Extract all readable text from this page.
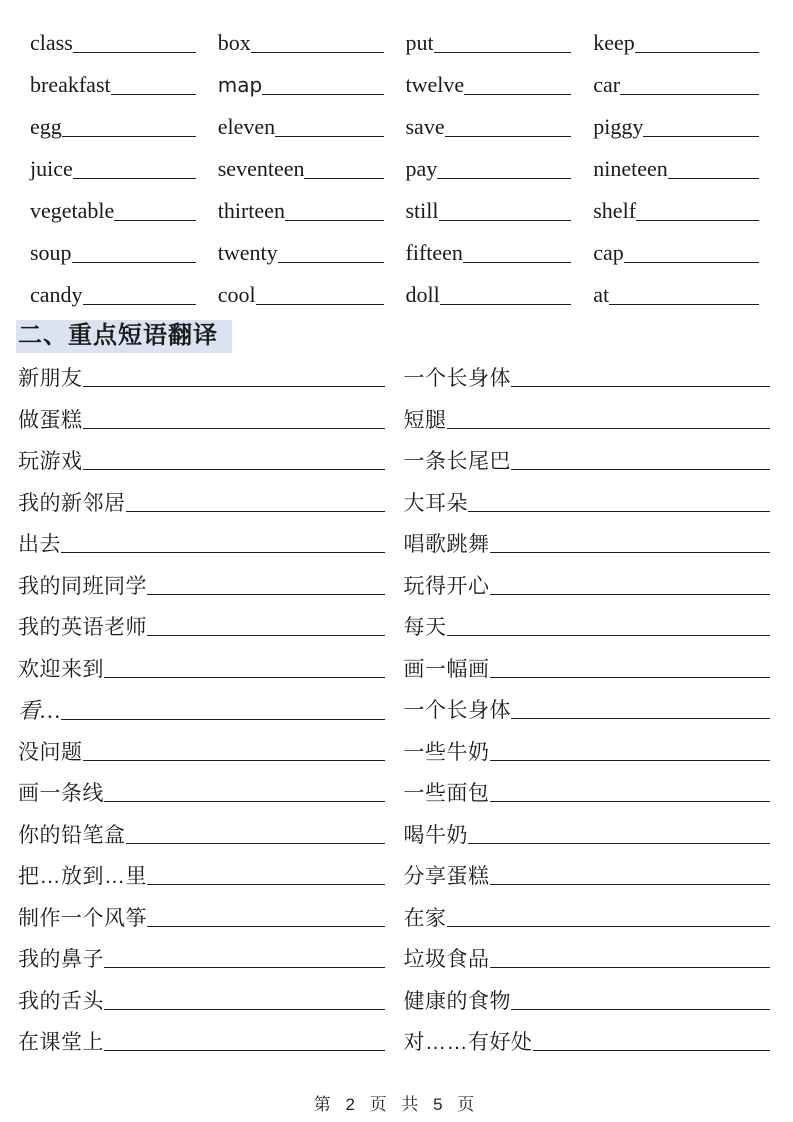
class	box	put	keep
breakfast	map	twelve	car
egg	eleven	save	piggy
juice	seventeen	pay	nineteen
vegetable	thirteen	still	shelf
soup	twenty	fifteen	cap
candy	cool	doll	at
二、重点短语翻译
新朋友	一个长身体
做蛋糕	短腿
玩游戏	一条长尾巴
我的新邻居	大耳朵
出去	唱歌跳舞
我的同班同学	玩得开心
我的英语老师	每天
欢迎来到	画一幅画
看…	一个长身体
没问题	一些牛奶
画一条线	一些面包
你的铅笔盒	喝牛奶
把…放到…里	分享蛋糕
制作一个风筝	在家
我的鼻子	垃圾食品
我的舌头	健康的食物
在课堂上	对……有好处
第 2 页 共 5 页
